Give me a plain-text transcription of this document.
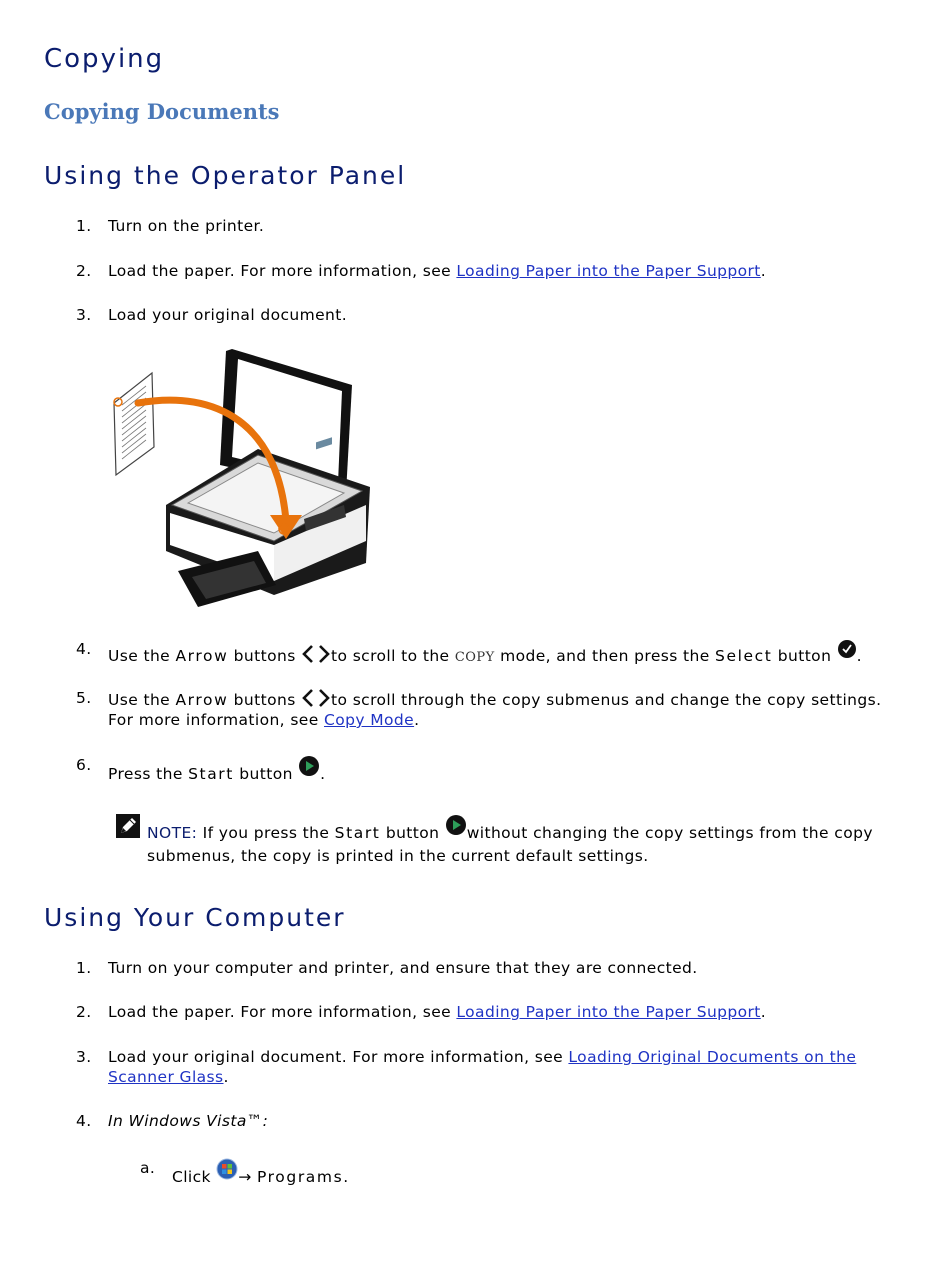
Copying
Copying Documents
Using the Operator Panel
1. Turn on the printer.
2. Load the paper. For more information, see Loading Paper into the Paper Support.
3. Load your original document.
4. Use the Arrow buttons to scroll to the COPY mode, and then press the Select button .
5. Use the Arrow buttons to scroll through the copy submenus and change the copy settings.
For more information, see Copy Mode.
6. Press the Start button .
NOTE: If you press the Start button without changing the copy settings from the copy submenus, the copy is printed in the current default settings.
Using Your Computer
1. Turn on your computer and printer, and ensure that they are connected.
2. Load the paper. For more information, see Loading Paper into the Paper Support.
3. Load your original document. For more information, see Loading Original Documents on the Scanner Glass.
4. In Windows Vista™:
a. Click → Programs.
